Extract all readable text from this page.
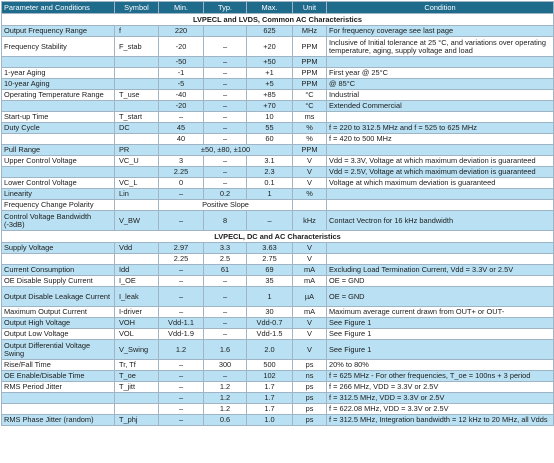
Parameter and Conditions	Symbol	Min.	Typ.	Max.	Unit	Condition
LVPECL and LVDS, Common AC Characteristics						
Output Frequency Range	f	220		625	MHz	For frequency coverage see last page
Frequency Stability	F_stab	-20	–	+20	PPM	Inclusive of Initial tolerance at 25 °C, and variations over operating temperature, aging, supply voltage and load
		-50	–	+50	PPM	
1-year Aging		-1	–	+1	PPM	First year @ 25°C
10-year Aging		-5	–	+5	PPM	@ 85°C
Operating Temperature Range	T_use	-40	–	+85	°C	Industrial
		-20	–	+70	°C	Extended Commercial
Start-up Time	T_start	–	–	10	ms	
Duty Cycle	DC	45	–	55	%	f = 220 to 312.5 MHz and f = 525 to 625 MHz
		40	–	60	%	f = 420 to 500 MHz
Pull Range	PR	±50, ±80, ±100			PPM	
Upper Control Voltage	VC_U	3	–	3.1	V	Vdd = 3.3V, Voltage at which maximum deviation is guaranteed
		2.25	–	2.3	V	Vdd = 2.5V, Voltage at which maximum deviation is guaranteed
Lower Control Voltage	VC_L	0	–	0.1	V	Voltage at which maximum deviation is guaranteed
Linearity	Lin	–	0.2	1	%	
Frequency Change Polarity		Positive Slope				
Control Voltage Bandwidth (-3dB)	V_BW	–	8	–	kHz	Contact Vectron for 16 kHz bandwidth
LVPECL, DC and AC Characteristics						
Supply Voltage	Vdd	2.97	3.3	3.63	V	
		2.25	2.5	2.75	V	
Current Consumption	Idd	–	61	69	mA	Excluding Load Termination Current, Vdd = 3.3V or 2.5V
OE Disable Supply Current	I_OE	–	–	35	mA	OE = GND
Output Disable Leakage Current	I_leak	–	–	1	µA	OE = GND
Maximum Output Current	I-driver	–	–	30	mA	Maximum average current drawn from OUT+ or OUT-
Output High Voltage	VOH	Vdd-1.1	–	Vdd-0.7	V	See Figure 1
Output Low Voltage	VOL	Vdd-1.9	–	Vdd-1.5	V	See Figure 1
Output Differential Voltage Swing	V_Swing	1.2	1.6	2.0	V	See Figure 1
Rise/Fall Time	Tr, Tf	–	300	500	ps	20% to 80%
OE Enable/Disable Time	T_oe	–	–	102	ns	f = 625 MHz - For other frequencies, T_oe = 100ns + 3 period
RMS Period Jitter	T_jitt	–	1.2	1.7	ps	f = 266 MHz, VDD = 3.3V or 2.5V
		–	1.2	1.7	ps	f = 312.5 MHz, VDD = 3.3V or 2.5V
		–	1.2	1.7	ps	f = 622.08 MHz, VDD = 3.3V or 2.5V
RMS Phase Jitter (random)	T_phj	–	0.6	1.0	ps	f = 312.5 MHz, Integration bandwidth = 12 kHz to 20 MHz, all Vdds
